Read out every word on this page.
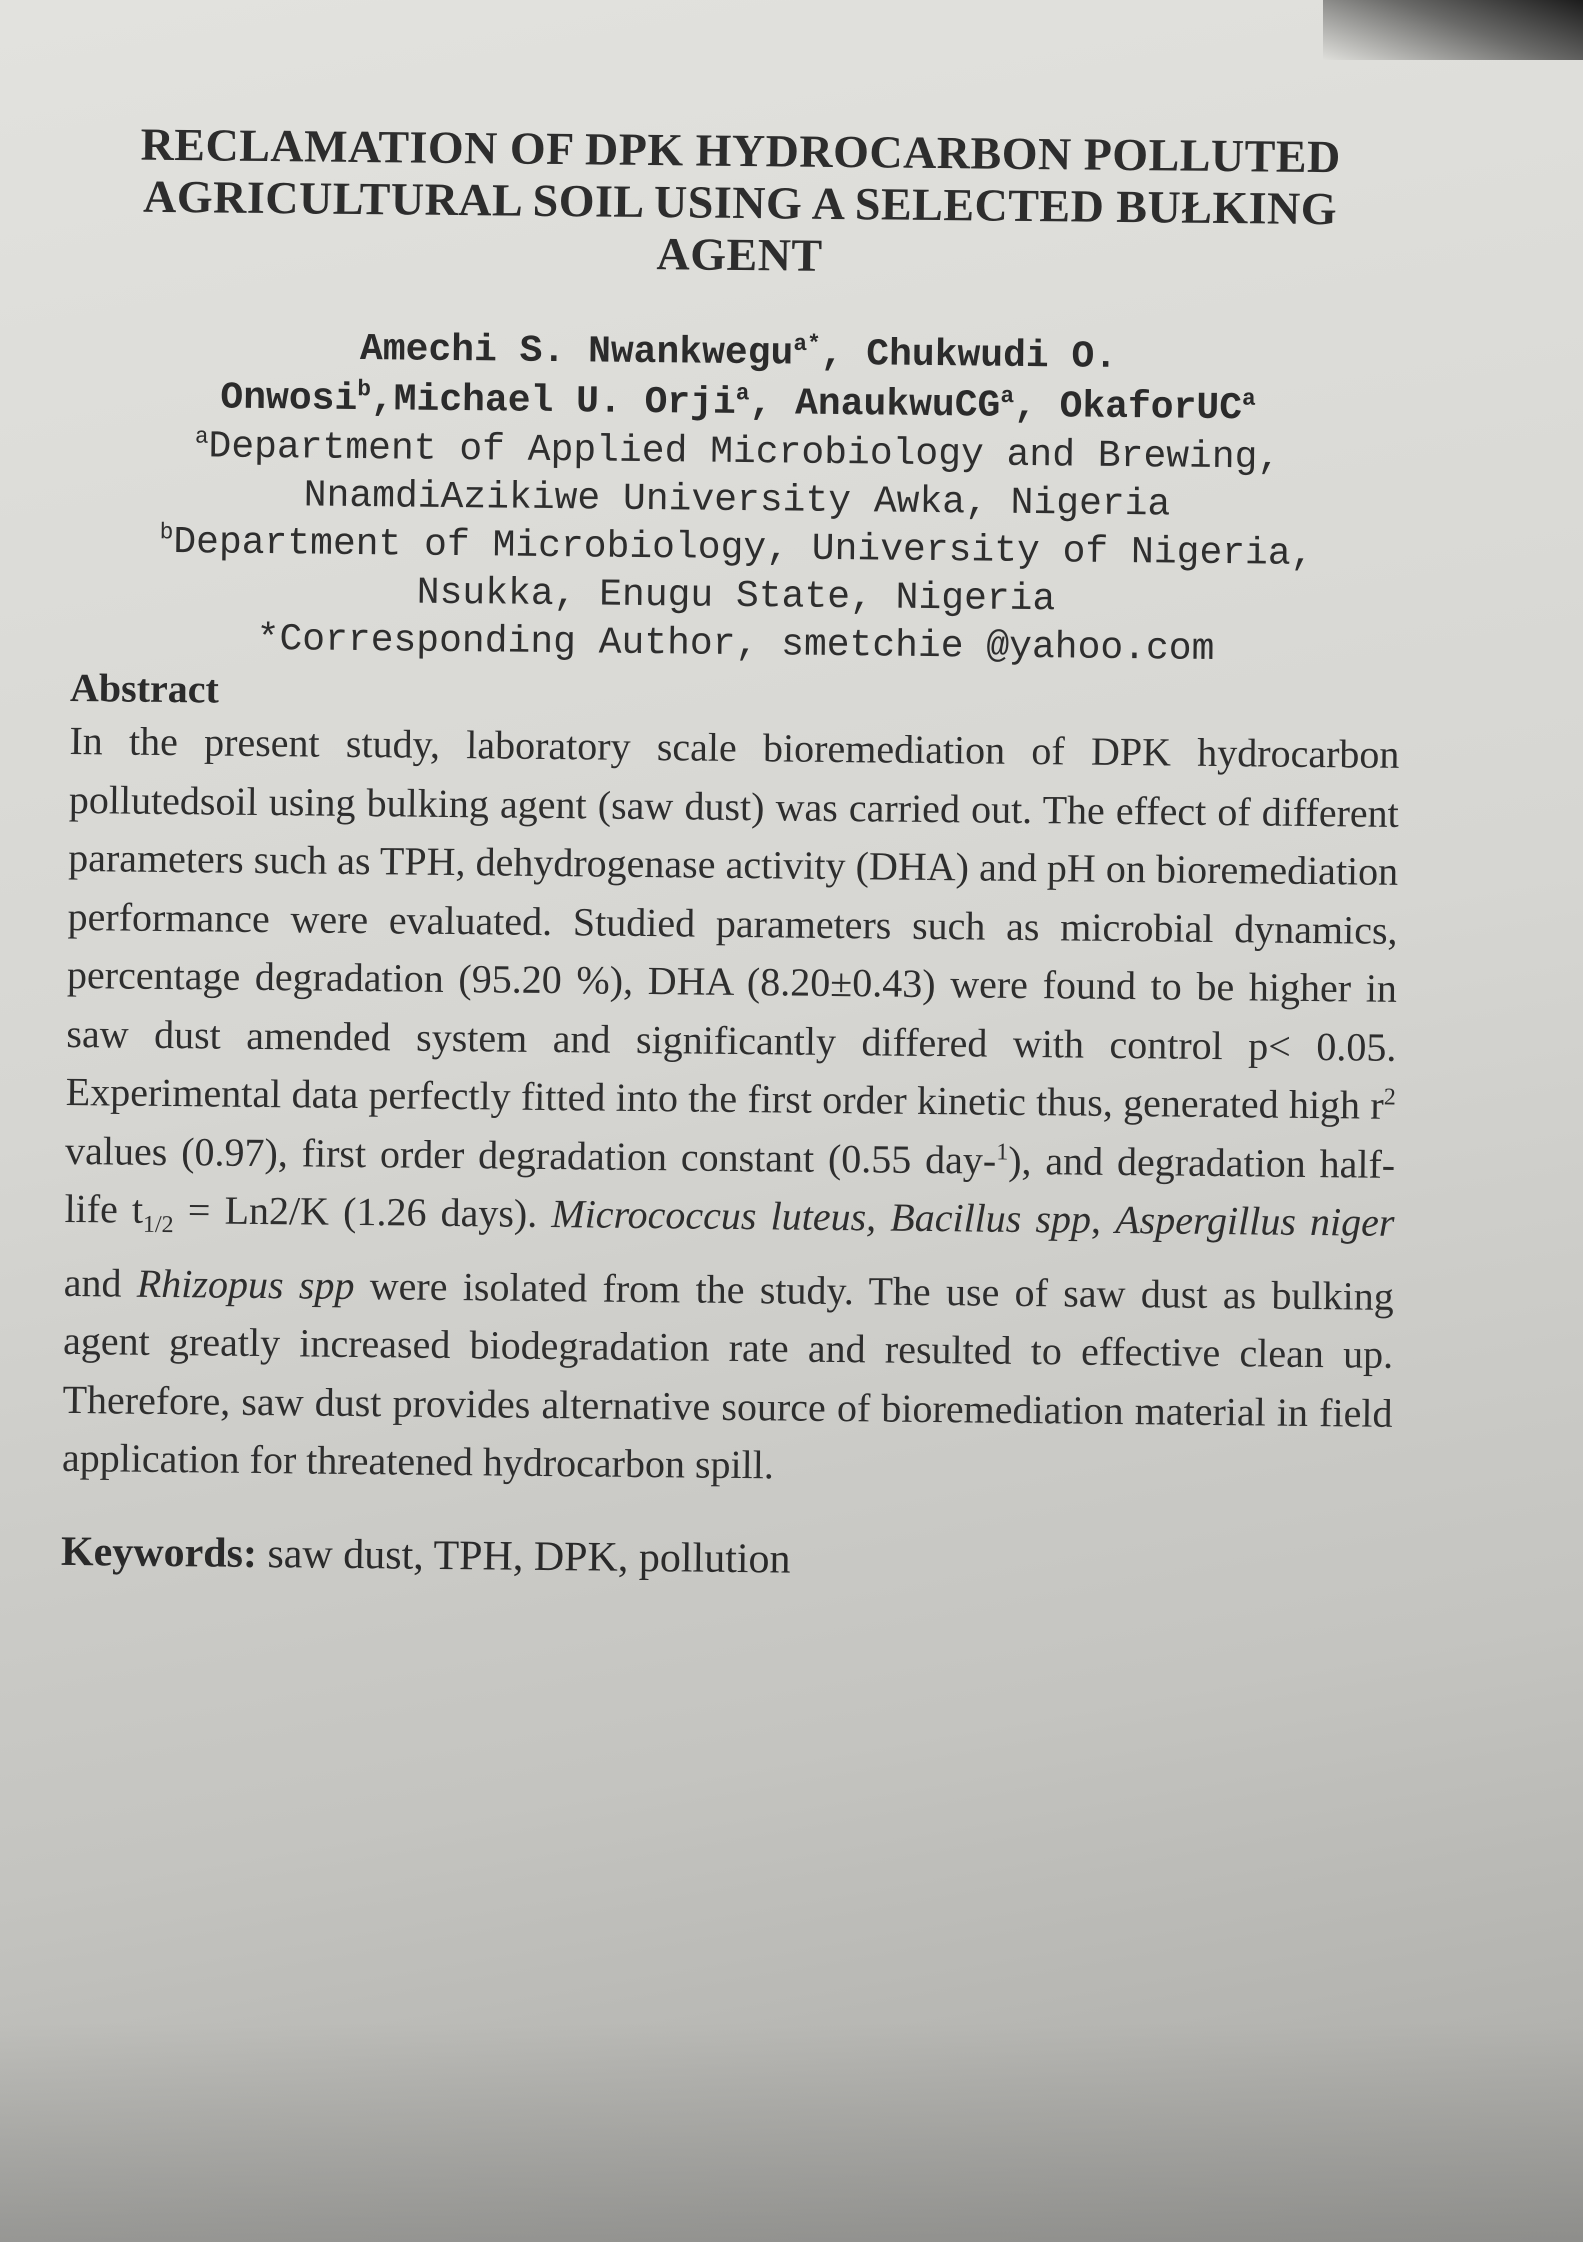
RECLAMATION OF DPK HYDROCARBON POLLUTED
AGRICULTURAL SOIL USING A SELECTED BUŁKING
AGENT
Amechi S. Nwankwegu$^{a*}$, Chukwudi O.
Onwosi$^b$,Michael U. Orji$^a$, AnaukwuCG$^a$, OkaforUC$^a$
$^a$Department of Applied Microbiology and Brewing,
NnamdiAzikiwe University Awka, Nigeria
$^b$Department of Microbiology, University of Nigeria,
Nsukka, Enugu State, Nigeria
*Corresponding Author, smetchie @yahoo.com
Abstract

In the present study, laboratory scale bioremediation of DPK hydrocarbon pollutedsoil using bulking agent (saw dust) was carried out. The effect of different parameters such as TPH, dehydrogenase activity (DHA) and pH on bioremediation performance were evaluated. Studied parameters such as microbial dynamics, percentage degradation (95.20 %), DHA (8.20±0.43) were found to be higher in saw dust amended system and significantly differed with control p< 0.05. Experimental data perfectly fitted into the first order kinetic thus, generated high $r^2$ values (0.97), first order degradation constant (0.55 day-$^1$), and degradation half-life $t_{1/2} = Ln2/K$ (1.26 days). Micrococcus luteus, Bacillus spp, Aspergillus niger and Rhizopus spp were isolated from the study. The use of saw dust as bulking agent greatly increased biodegradation rate and resulted to effective clean up. Therefore, saw dust provides alternative source of bioremediation material in field application for threatened hydrocarbon spill.

Keywords: saw dust, TPH, DPK, pollution
